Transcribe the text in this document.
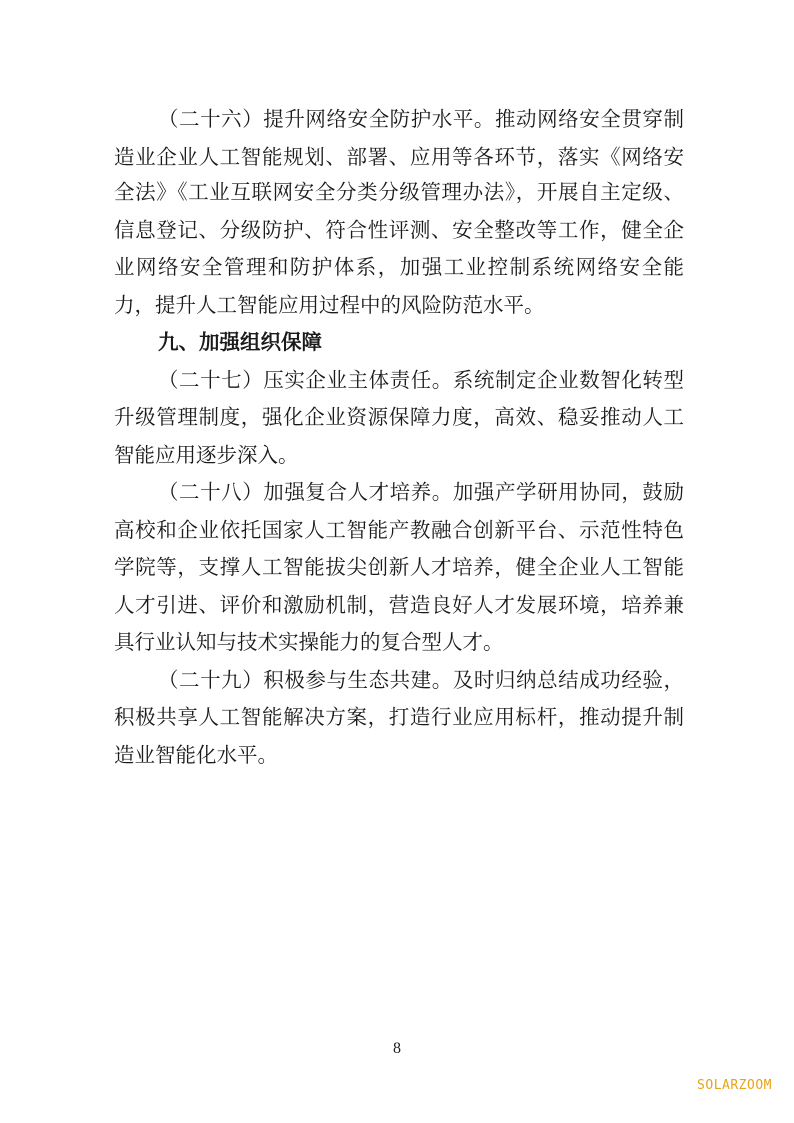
（二十六）提升网络安全防护水平。推动网络安全贯穿制
造业企业人工智能规划、部署、应用等各环节，落实《网络安
全法》《工业互联网安全分类分级管理办法》，开展自主定级、
信息登记、分级防护、符合性评测、安全整改等工作，健全企
业网络安全管理和防护体系，加强工业控制系统网络安全能
力，提升人工智能应用过程中的风险防范水平。
九、加强组织保障
（二十七）压实企业主体责任。系统制定企业数智化转型
升级管理制度，强化企业资源保障力度，高效、稳妥推动人工
智能应用逐步深入。
（二十八）加强复合人才培养。加强产学研用协同，鼓励
高校和企业依托国家人工智能产教融合创新平台、示范性特色
学院等，支撑人工智能拔尖创新人才培养，健全企业人工智能
人才引进、评价和激励机制，营造良好人才发展环境，培养兼
具行业认知与技术实操能力的复合型人才。
（二十九）积极参与生态共建。及时归纳总结成功经验，
积极共享人工智能解决方案，打造行业应用标杆，推动提升制
造业智能化水平。
8
SOLARZOOM
